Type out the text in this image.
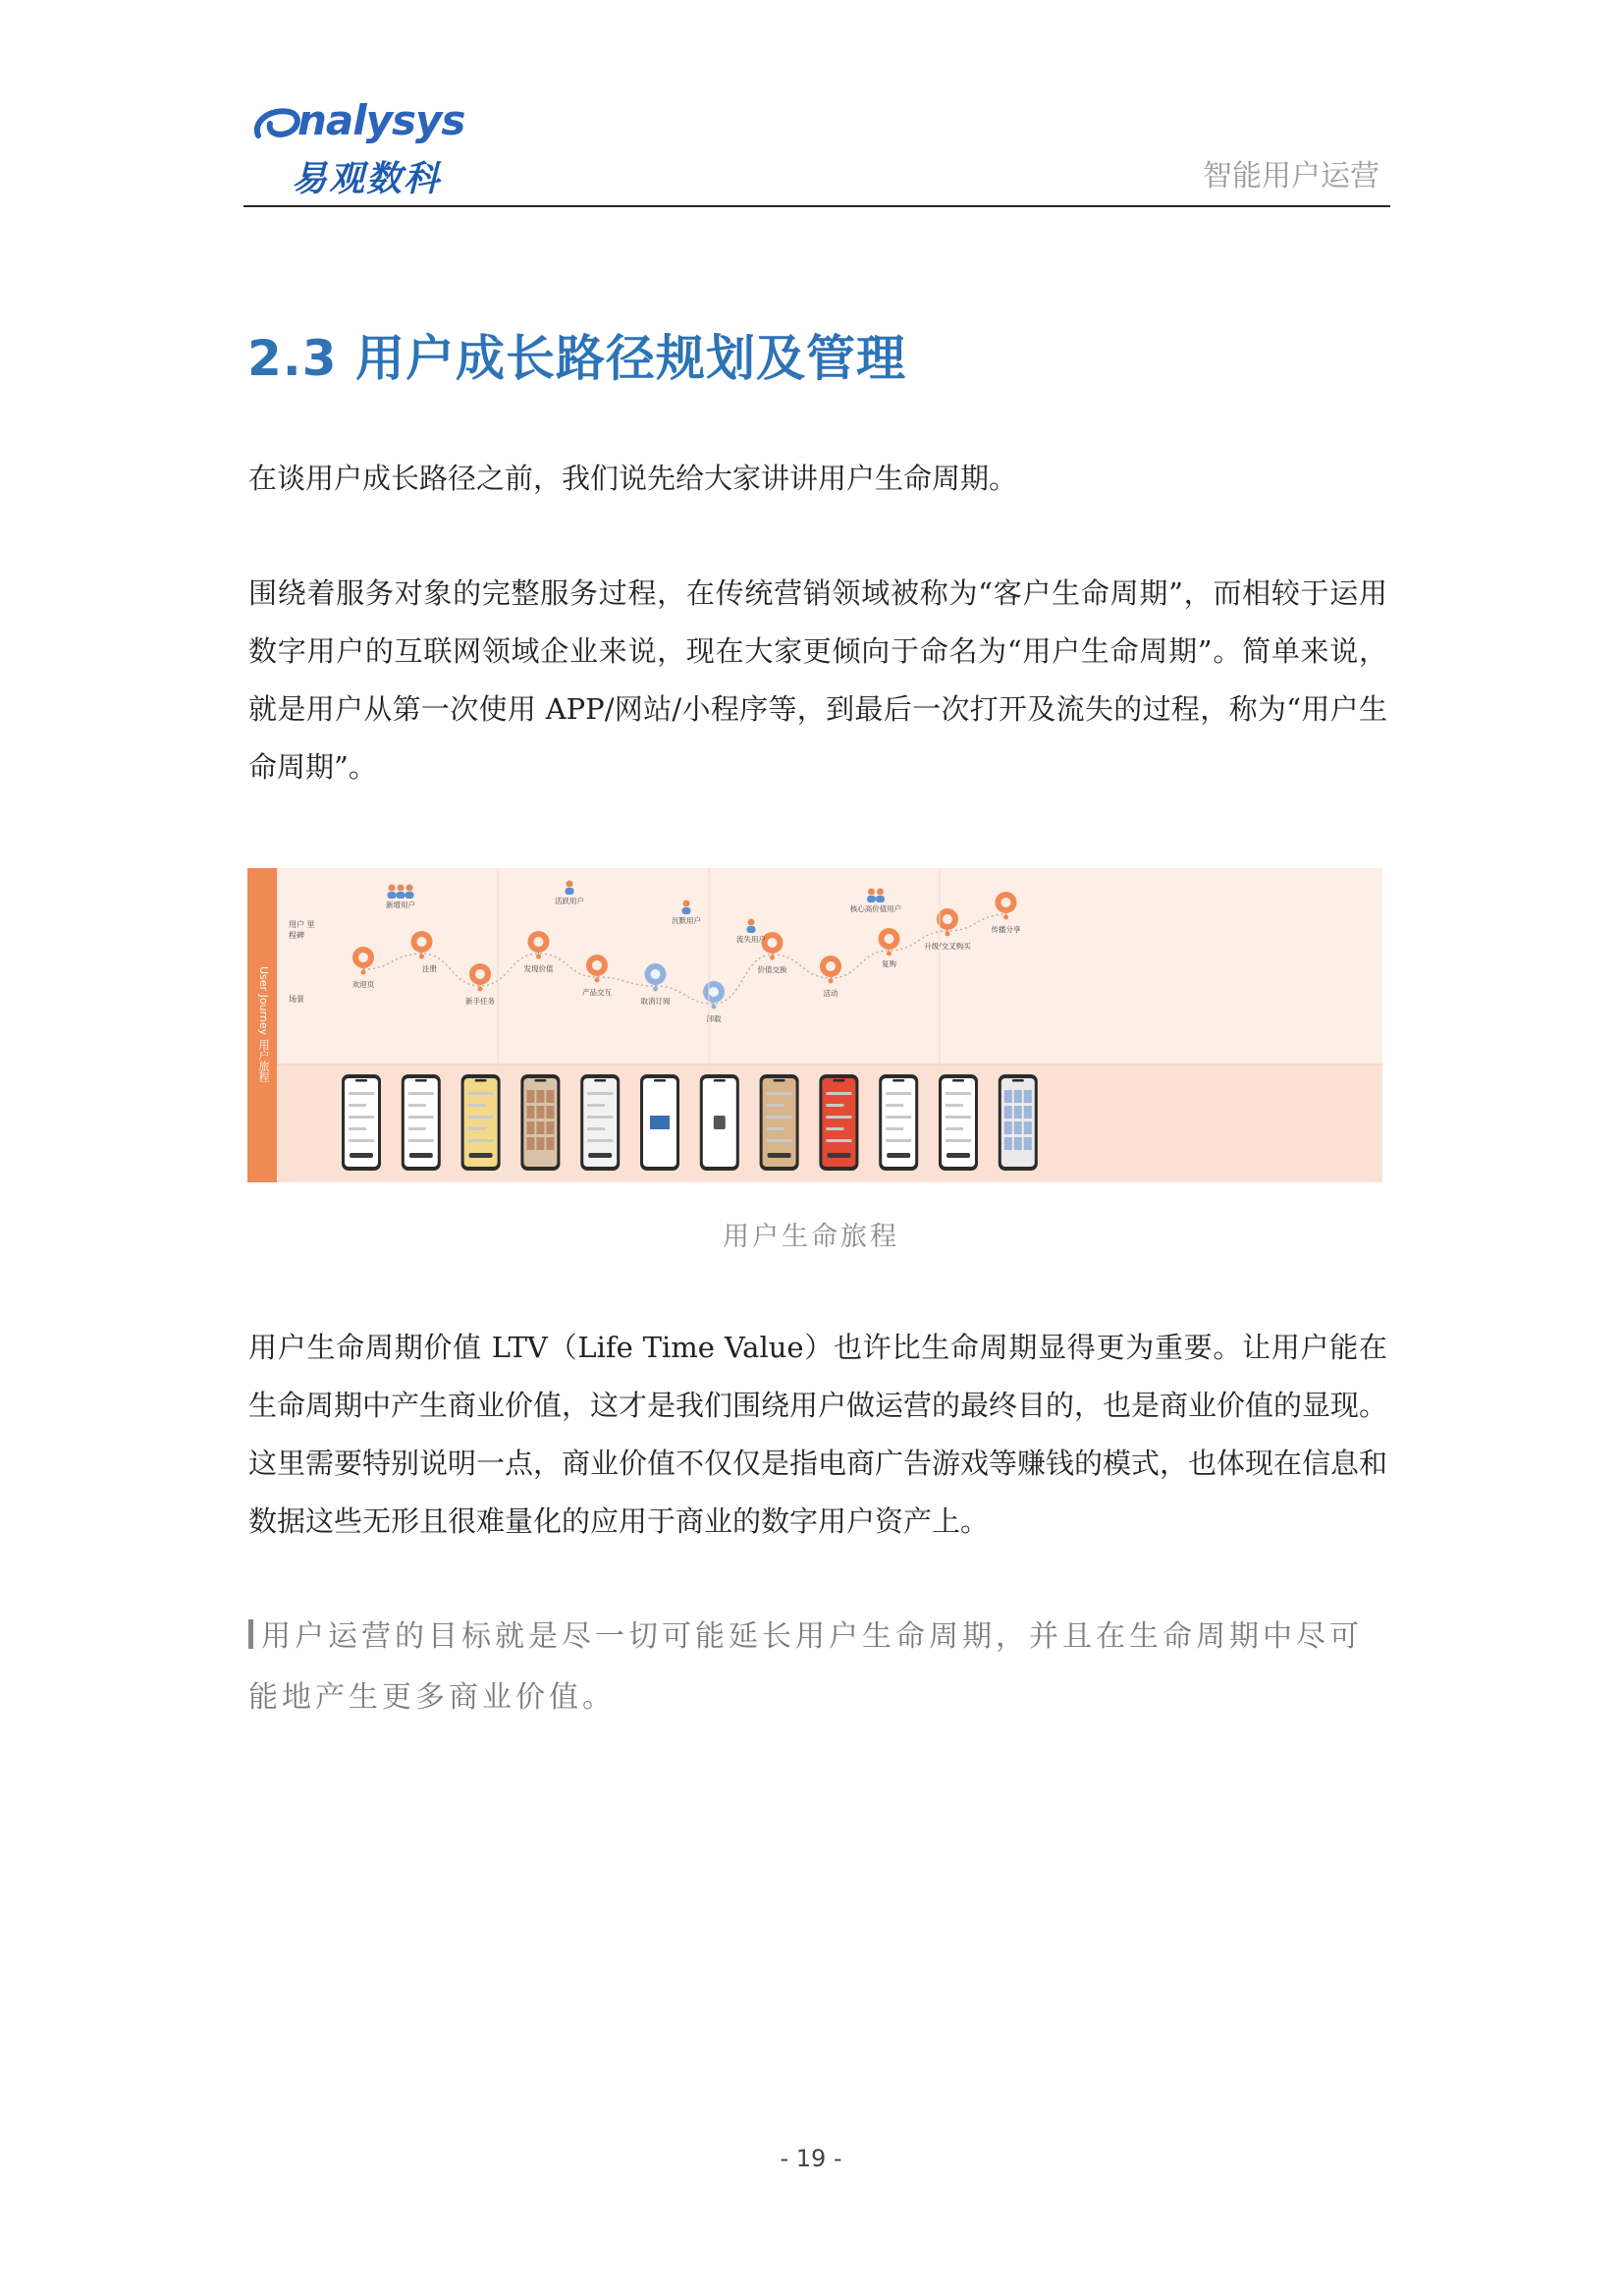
nalysys
易观数科	智能用户运营
2.3 用户成长路径规划及管理
在谈用户成长路径之前，我们说先给大家讲讲用户生命周期。
围绕着服务对象的完整服务过程，在传统营销领域被称为“客户生命周期”，而相较于运用数字用户的互联网领域企业来说，现在大家更倾向于命名为“用户生命周期”。简单来说，就是用户从第一次使用 APP/网站/小程序等，到最后一次打开及流失的过程，称为“用户生命周期”。
User Journey 用户旅程
用户 里程碑
场景
欢迎页
注册
新手任务
发现价值
产品交互
取消订阅
卸载
价值交换
活动
复购
升级/交叉购买
传播分享
新增用户	活跃用户
沉默用户
流失用户
核心高价值用户
用户生命旅程
用户生命周期价值 LTV（Life Time Value）也许比生命周期显得更为重要。让用户能在生命周期中产生商业价值，这才是我们围绕用户做运营的最终目的，也是商业价值的显现。这里需要特别说明一点，商业价值不仅仅是指电商广告游戏等赚钱的模式，也体现在信息和数据这些无形且很难量化的应用于商业的数字用户资产上。
用户运营的目标就是尽一切可能延长用户生命周期，并且在生命周期中尽可能地产生更多商业价值。
- 19 -
